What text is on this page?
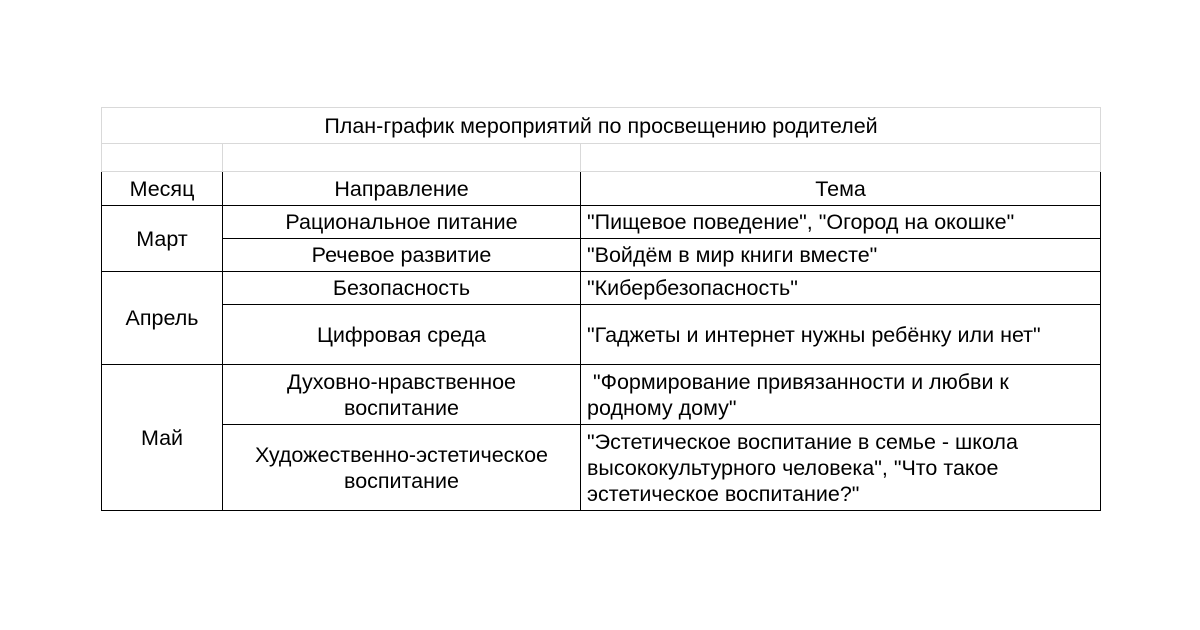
План-график мероприятий по просвещению родителей		

Месяц	Направление	Тема
Март	Рациональное питание	"Пищевое поведение", "Огород на окошке"
	Речевое развитие	"Войдём в мир книги вместе"
Апрель	Безопасность	"Кибербезопасность"
	Цифровая среда	"Гаджеты и интернет нужны ребёнку или нет"
Май	Духовно-нравственное воспитание	"Формирование привязанности и любви к родному дому"
	Художественно-эстетическое воспитание	"Эстетическое воспитание в семье - школа высококультурного человека", "Что такое эстетическое воспитание?"
